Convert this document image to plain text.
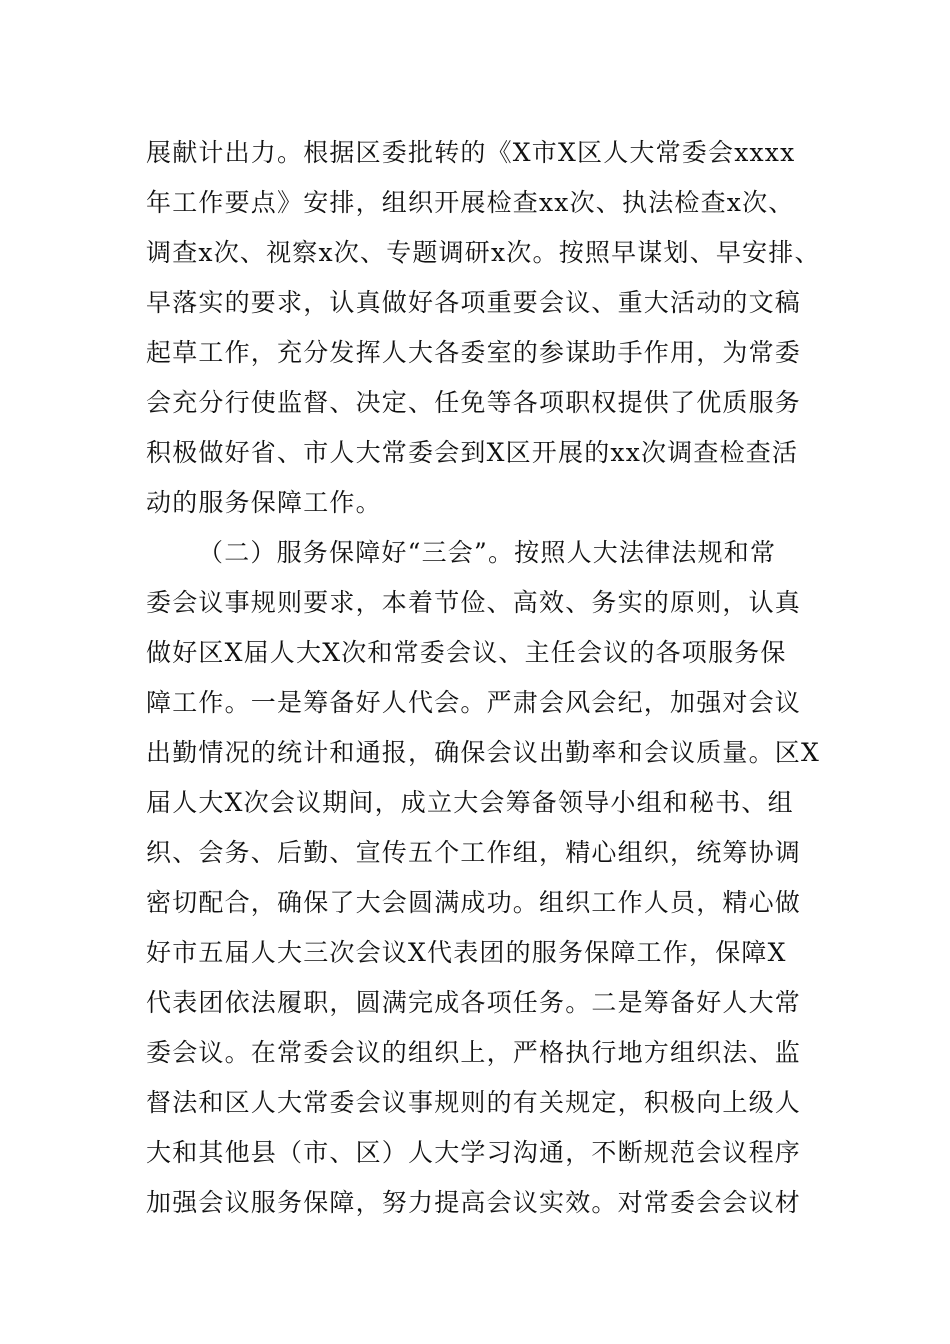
展献计出力。根据区委批转的《X市X区人大常委会xxxx
年工作要点》安排，组织开展检查xx次、执法检查x次、
调查x次、视察x次、专题调研x次。按照早谋划、早安排、
早落实的要求，认真做好各项重要会议、重大活动的文稿
起草工作，充分发挥人大各委室的参谋助手作用，为常委
会充分行使监督、决定、任免等各项职权提供了优质服务
积极做好省、市人大常委会到X区开展的xx次调查检查活
动的服务保障工作。
（二）服务保障好“三会”。按照人大法律法规和常
委会议事规则要求，本着节俭、高效、务实的原则，认真
做好区X届人大X次和常委会议、主任会议的各项服务保
障工作。一是筹备好人代会。严肃会风会纪，加强对会议
出勤情况的统计和通报，确保会议出勤率和会议质量。区X
届人大X次会议期间，成立大会筹备领导小组和秘书、组
织、会务、后勤、宣传五个工作组，精心组织，统筹协调
密切配合，确保了大会圆满成功。组织工作人员，精心做
好市五届人大三次会议X代表团的服务保障工作，保障X
代表团依法履职，圆满完成各项任务。二是筹备好人大常
委会议。在常委会议的组织上，严格执行地方组织法、监
督法和区人大常委会议事规则的有关规定，积极向上级人
大和其他县（市、区）人大学习沟通，不断规范会议程序
加强会议服务保障，努力提高会议实效。对常委会会议材
